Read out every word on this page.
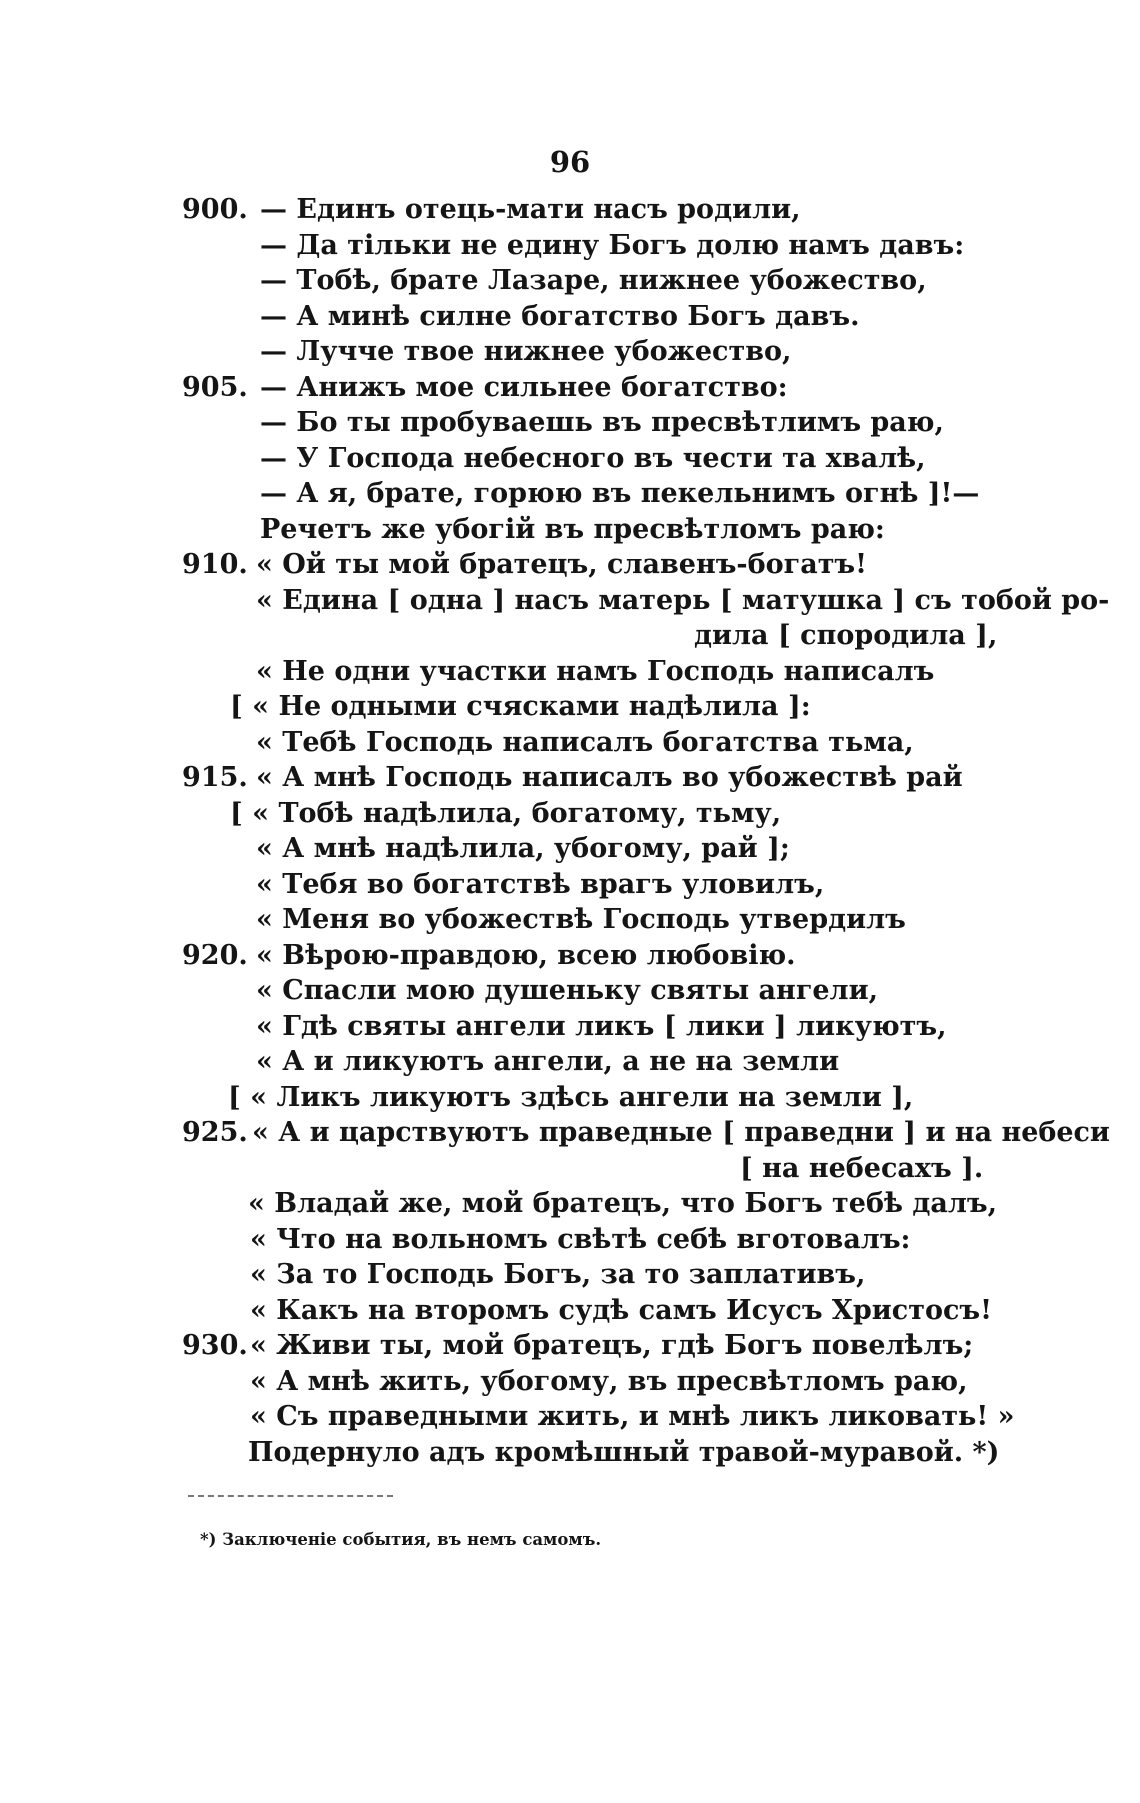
96
900. — Единъ отець-мати насъ родили,
— Да тільки не едину Богъ долю намъ давъ:
— Тобѣ, брате Лазаре, нижнее убожество,
— А минѣ силне богатство Богъ давъ.
— Лучче твое нижнее убожество,
905. — Анижъ мое сильнее богатство:
— Бо ты пробуваешь въ пресвѣтлимъ раю,
— У Господа небесного въ чести та хвалѣ,
— А я, брате, горюю въ пекельнимъ огнѣ ]!—
Речетъ же убогій въ пресвѣтломъ раю:
910. « Ой ты мой братецъ, славенъ-богатъ!
« Едина [ одна ] насъ матерь [ матушка ] съ тобой ро-
дила [ спородила ],
« Не одни участки намъ Господь написалъ
[ « Не одными счясками надѣлила ]:
« Тебѣ Господь написалъ богатства тьма,
915. « А мнѣ Господь написалъ во убожествѣ рай
[ « Тобѣ надѣлила, богатому, тьму,
« А мнѣ надѣлила, убогому, рай ];
« Тебя во богатствѣ врагъ уловилъ,
« Меня во убожествѣ Господь утвердилъ
920. « Вѣрою-правдою, всею любовію.
« Спасли мою душеньку святы ангели,
« Гдѣ святы ангели ликъ [ лики ] ликуютъ,
« А и ликуютъ ангели, а не на земли
[ « Ликъ ликуютъ здѣсь ангели на земли ],
925. « А и царствуютъ праведные [ праведни ] и на небеси
[ на небесахъ ].
« Владай же, мой братецъ, что Богъ тебѣ далъ,
« Что на вольномъ свѣтѣ себѣ вготовалъ:
« За то Господь Богъ, за то заплативъ,
« Какъ на второмъ судѣ самъ Исусъ Христосъ!
930. « Живи ты, мой братецъ, гдѣ Богъ повелѣлъ;
« А мнѣ жить, убогому, въ пресвѣтломъ раю,
« Съ праведными жить, и мнѣ ликъ ликовать! »
Подернуло адъ кромѣшный травой-муравой. *)
*) Заключеніе события, въ немъ самомъ.
